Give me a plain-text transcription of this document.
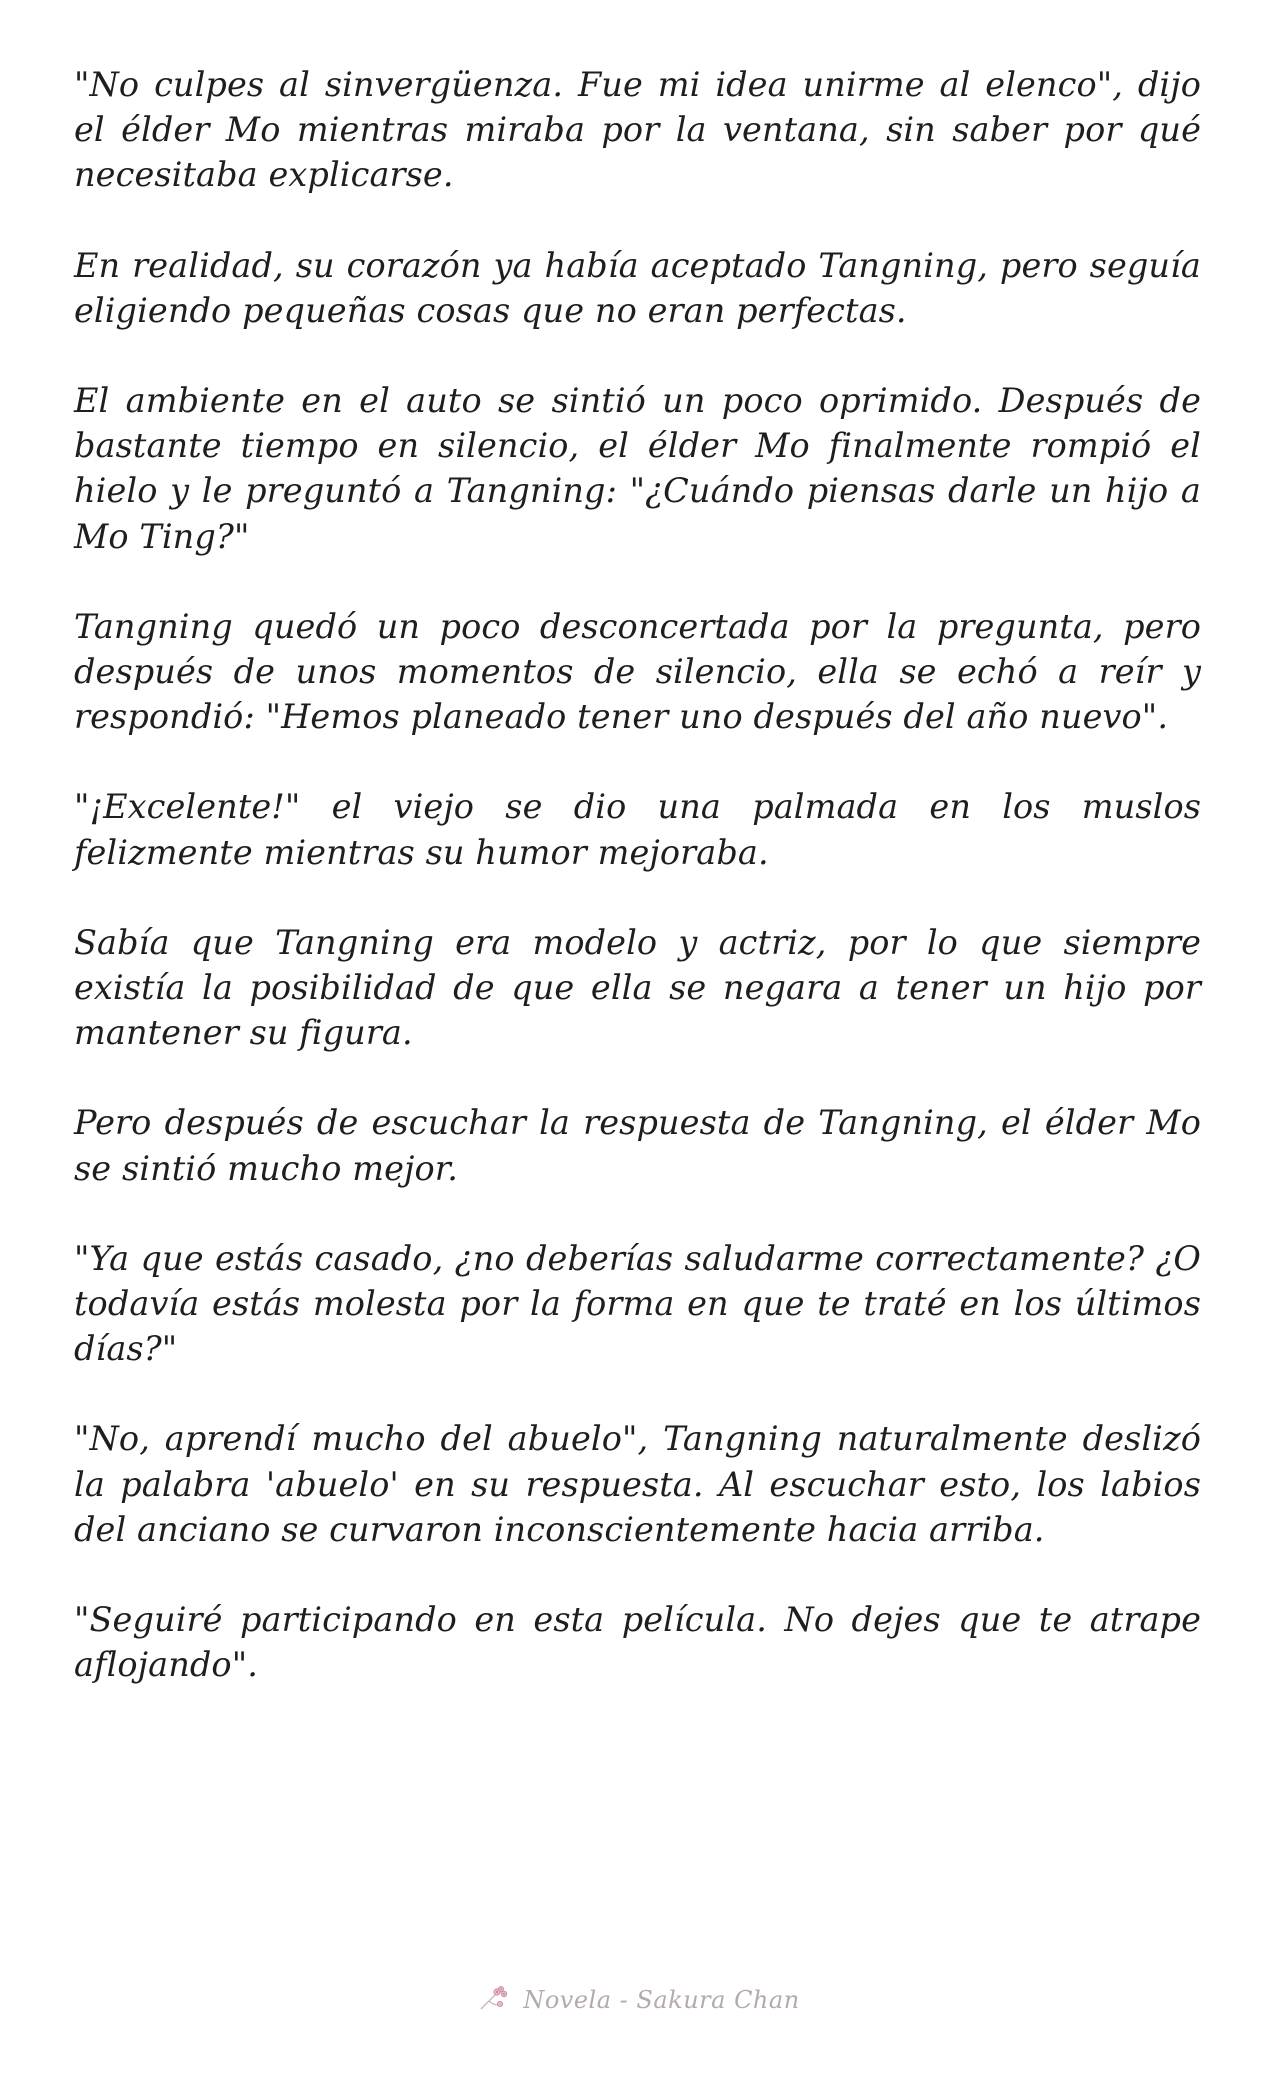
"No culpes al sinvergüenza. Fue mi idea unirme al elenco", dijo el élder Mo mientras miraba por la ventana, sin saber por qué necesitaba explicarse.

En realidad, su corazón ya había aceptado Tangning, pero seguía eligiendo pequeñas cosas que no eran perfectas.

El ambiente en el auto se sintió un poco oprimido. Después de bastante tiempo en silencio, el élder Mo finalmente rompió el hielo y le preguntó a Tangning: "¿Cuándo piensas darle un hijo a Mo Ting?"

Tangning quedó un poco desconcertada por la pregunta, pero después de unos momentos de silencio, ella se echó a reír y respondió: "Hemos planeado tener uno después del año nuevo".

"¡Excelente!" el viejo se dio una palmada en los muslos felizmente mientras su humor mejoraba.

Sabía que Tangning era modelo y actriz, por lo que siempre existía la posibilidad de que ella se negara a tener un hijo por mantener su figura.

Pero después de escuchar la respuesta de Tangning, el élder Mo se sintió mucho mejor.

"Ya que estás casado, ¿no deberías saludarme correctamente? ¿O todavía estás molesta por la forma en que te traté en los últimos días?"

"No, aprendí mucho del abuelo", Tangning naturalmente deslizó la palabra 'abuelo' en su respuesta. Al escuchar esto, los labios del anciano se curvaron inconscientemente hacia arriba.

"Seguiré participando en esta película. No dejes que te atrape aflojando".

Novela - Sakura Chan
